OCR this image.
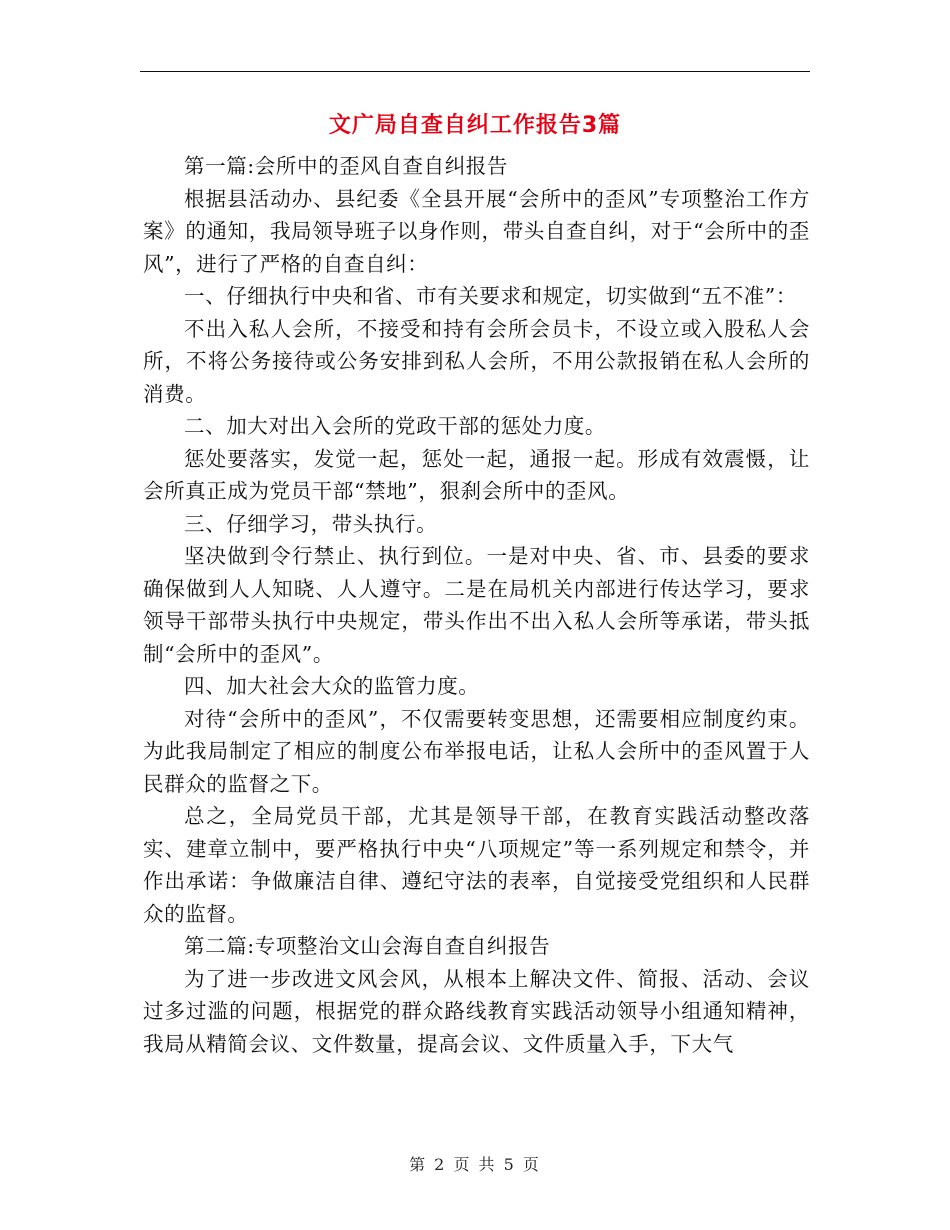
文广局自查自纠工作报告3篇

第一篇:会所中的歪风自查自纠报告

根据县活动办、县纪委《全县开展“会所中的歪风”专项整治工作方案》的通知，我局领导班子以身作则，带头自查自纠，对于“会所中的歪风”，进行了严格的自查自纠：

一、仔细执行中央和省、市有关要求和规定，切实做到“五不准”：

不出入私人会所，不接受和持有会所会员卡，不设立或入股私人会所，不将公务接待或公务安排到私人会所，不用公款报销在私人会所的消费。

二、加大对出入会所的党政干部的惩处力度。

惩处要落实，发觉一起，惩处一起，通报一起。形成有效震慑，让会所真正成为党员干部“禁地”，狠刹会所中的歪风。

三、仔细学习，带头执行。

坚决做到令行禁止、执行到位。一是对中央、省、市、县委的要求确保做到人人知晓、人人遵守。二是在局机关内部进行传达学习，要求领导干部带头执行中央规定，带头作出不出入私人会所等承诺，带头抵制“会所中的歪风”。

四、加大社会大众的监管力度。

对待“会所中的歪风”，不仅需要转变思想，还需要相应制度约束。为此我局制定了相应的制度公布举报电话，让私人会所中的歪风置于人民群众的监督之下。

总之，全局党员干部，尤其是领导干部，在教育实践活动整改落实、建章立制中，要严格执行中央“八项规定”等一系列规定和禁令，并作出承诺：争做廉洁自律、遵纪守法的表率，自觉接受党组织和人民群众的监督。

第二篇:专项整治文山会海自查自纠报告

为了进一步改进文风会风，从根本上解决文件、简报、活动、会议过多过滥的问题，根据党的群众路线教育实践活动领导小组通知精神，我局从精简会议、文件数量，提高会议、文件质量入手，下大气

第 2 页 共 5 页
